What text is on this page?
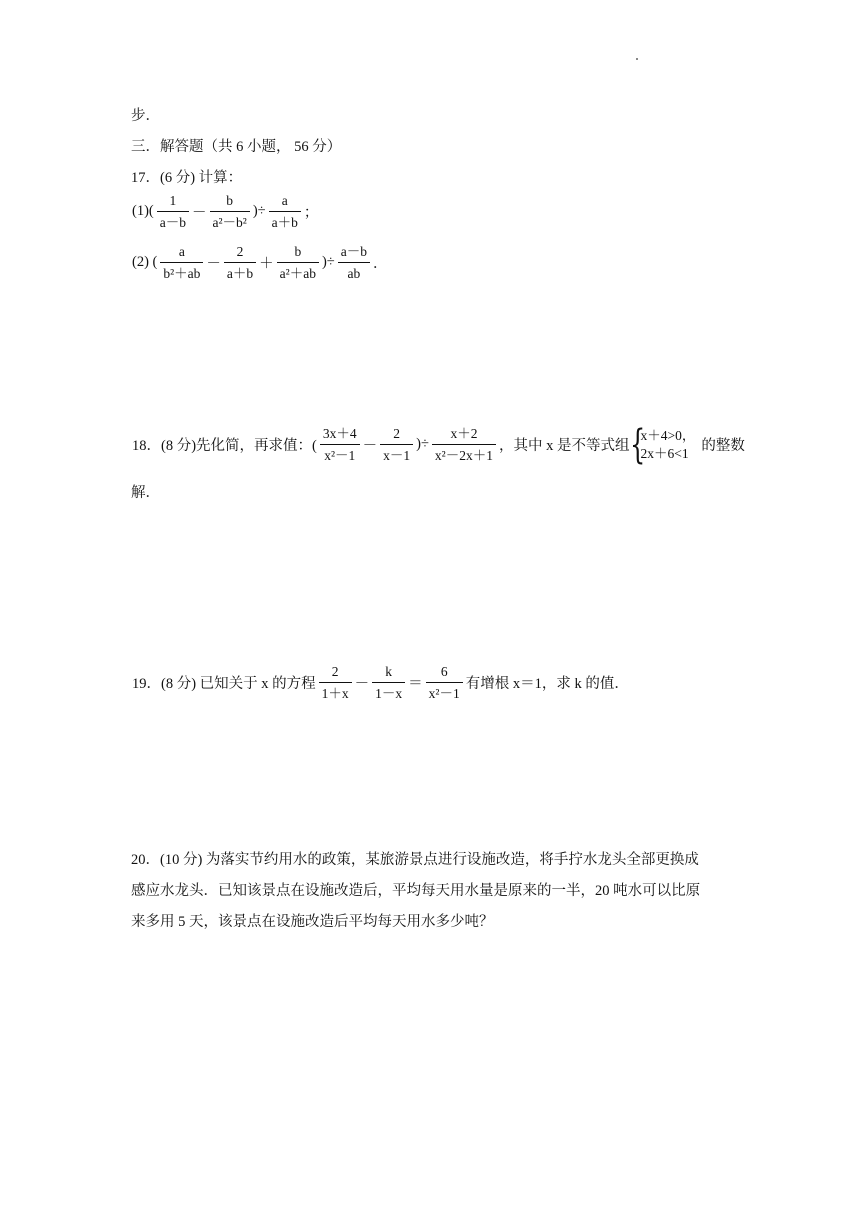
步．
三．解答题（共 6 小题， 56 分）
17．(6 分) 计算：
$(1)( \frac{1}{a-b} - \frac{b}{\text{a²－b²}}$ )÷ $\frac{a}{a+b}$ ；
(2) ( $\frac{a}{\text{b²＋ab}} - \frac{2}{a+b} + \frac{b}{\text{a²＋ab}}$ )÷ $\frac{a-b}{ab}$ ．
18．(8 分)先化简，再求值：( $\frac{3x+4}{\text{x²－1}} - \frac{2}{x-1}$ )÷ $\frac{x+2}{\text{x²－2x＋1}}$ ，其中 x 是不等式组 {
x＋4>0，
2x＋6<1 的整数
解．
19．(8 分) 已知关于 x 的方程 $\frac{2}{1+x} - \frac{k}{1-x} = \frac{6}{\text{x²－1}}$ 有增根 x＝1，求 k 的值．
20．(10 分) 为落实节约用水的政策，某旅游景点进行设施改造，将手拧水龙头全部更换成
感应水龙头．已知该景点在设施改造后，平均每天用水量是原来的一半，20 吨水可以比原
来多用 5 天，该景点在设施改造后平均每天用水多少吨？
